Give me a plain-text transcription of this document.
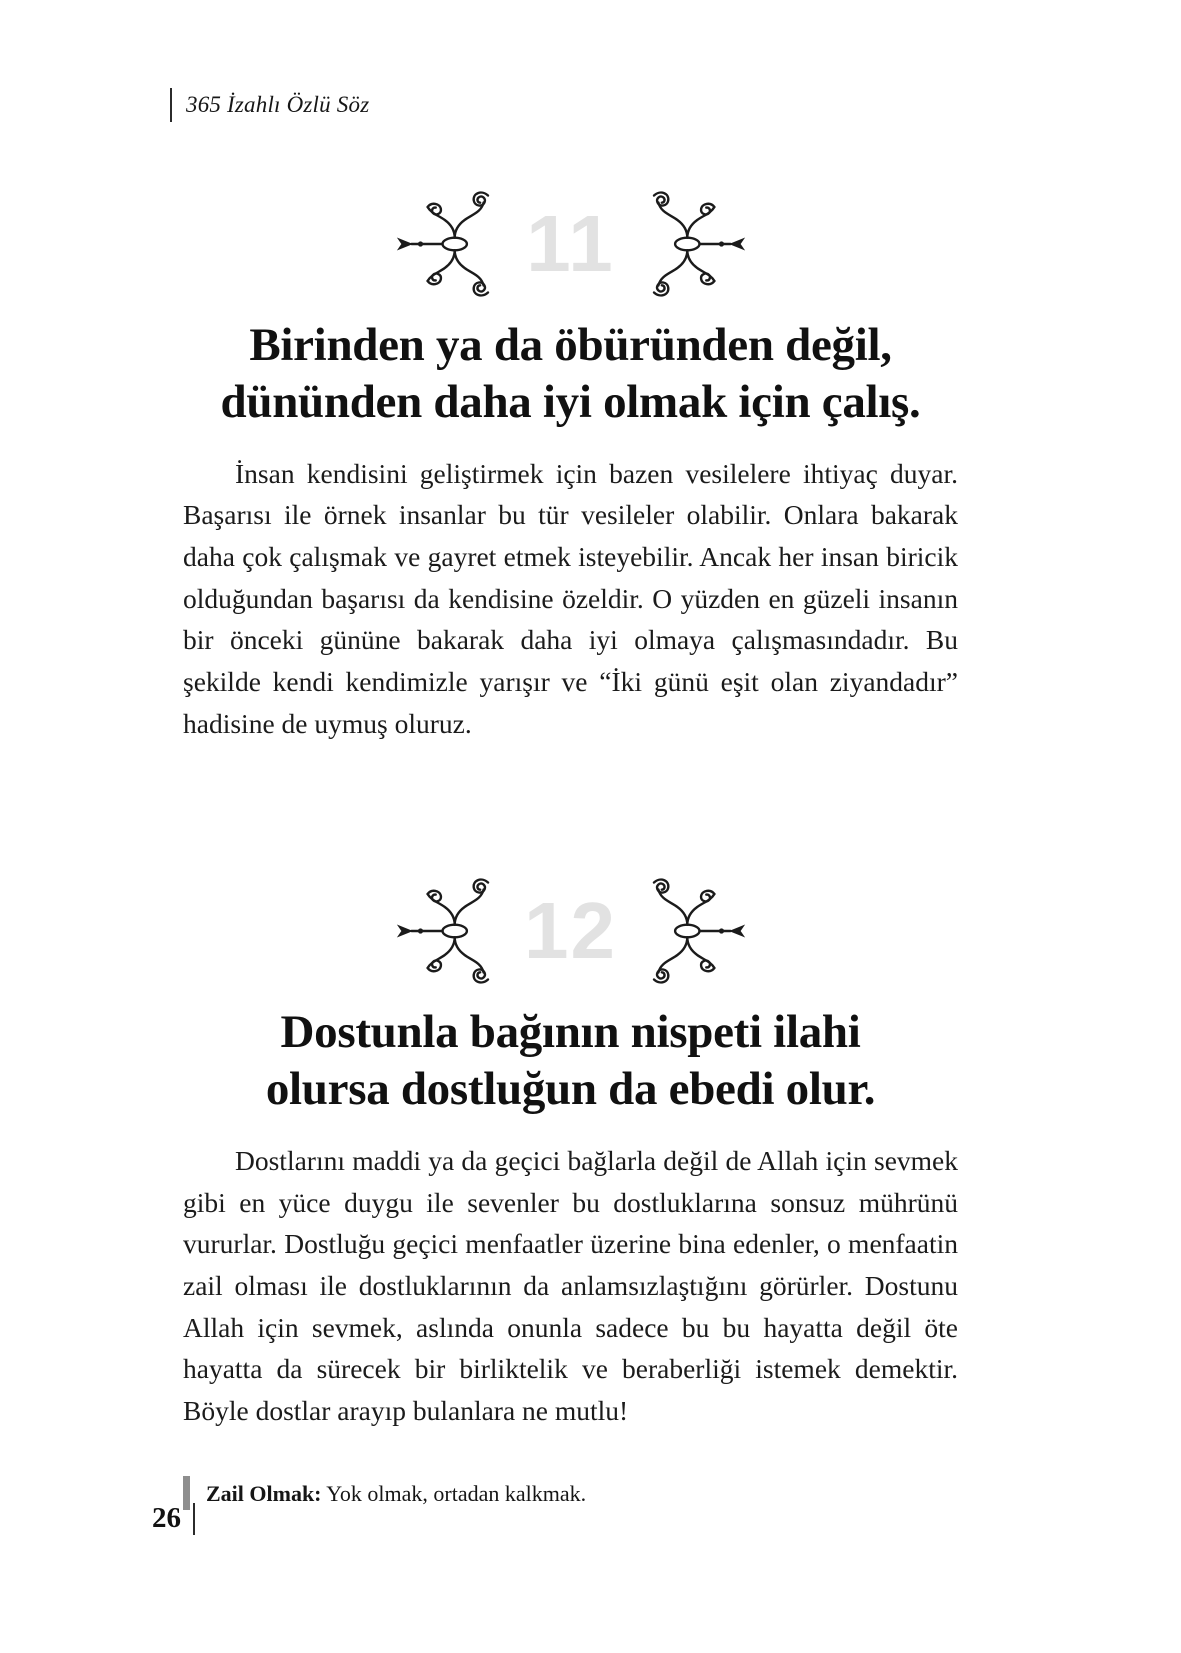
365 İzahlı Özlü Söz
11
Birinden ya da öbüründen değil,
dününden daha iyi olmak için çalış.

İnsan kendisini geliştirmek için bazen vesilelere ihtiyaç duyar. Başarısı ile örnek insanlar bu tür vesileler olabilir. Onlara bakarak daha çok çalışmak ve gayret etmek isteyebilir. Ancak her insan biricik olduğundan başarısı da kendisine özeldir. O yüzden en güzeli insanın bir önceki gününe bakarak daha iyi olmaya çalışmasındadır. Bu şekilde kendi kendimizle yarışır ve “İki günü eşit olan ziyandadır” hadisine de uymuş oluruz.

12
Dostunla bağının nispeti ilahi
olursa dostluğun da ebedi olur.

Dostlarını maddi ya da geçici bağlarla değil de Allah için sevmek gibi en yüce duygu ile sevenler bu dostluklarına sonsuz mührünü vururlar. Dostluğu geçici menfaatler üzerine bina edenler, o menfaatin zail olması ile dostluklarının da anlamsızlaştığını görürler. Dostunu Allah için sevmek, aslında onunla sadece bu bu hayatta değil öte hayatta da sürecek bir birliktelik ve beraberliği istemek demektir. Böyle dostlar arayıp bulanlara ne mutlu!

Zail Olmak: Yok olmak, ortadan kalkmak.
26
